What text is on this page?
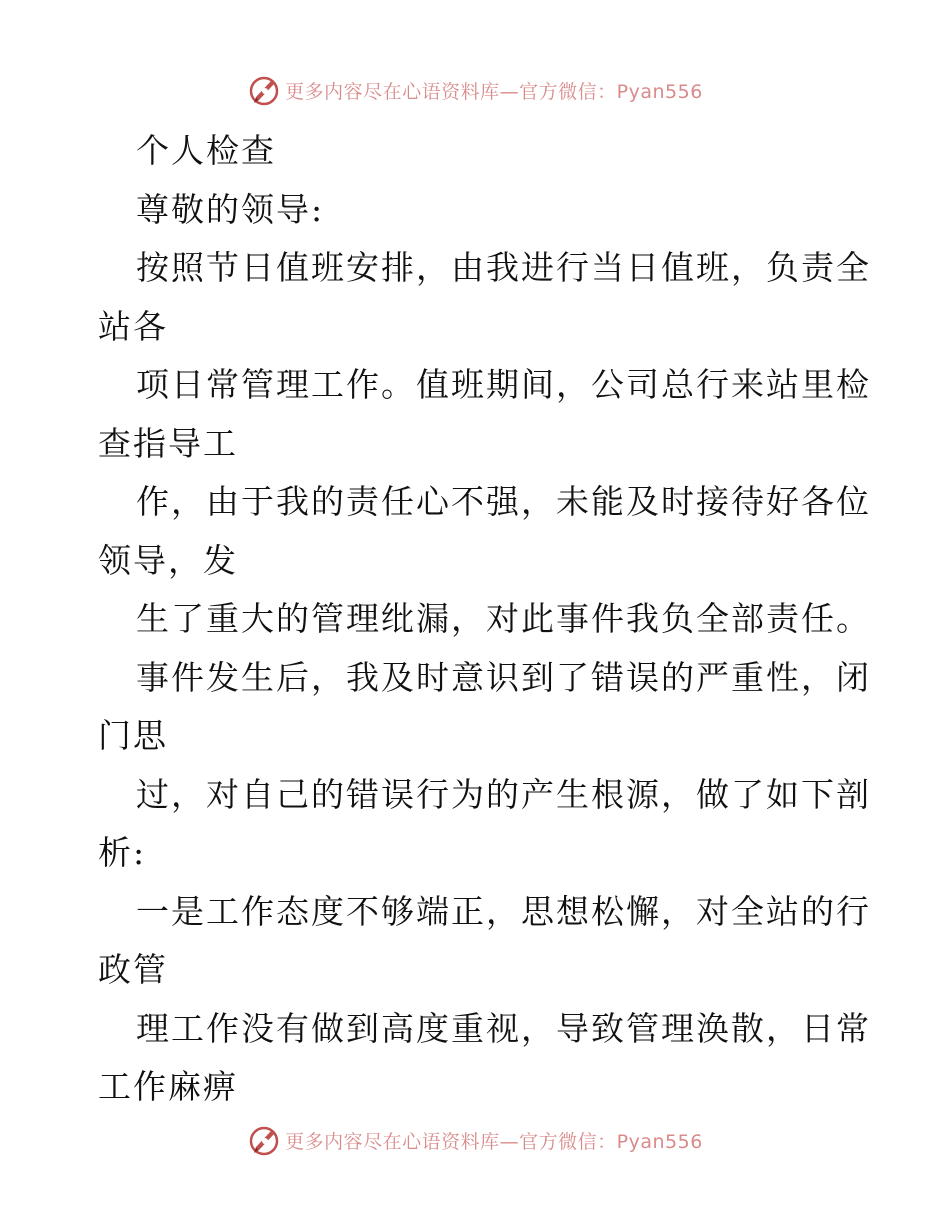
更多内容尽在心语资料库—官方微信：Pyan556
个人检查
尊敬的领导:
按照节日值班安排，由我进行当日值班，负责全
站各
项日常管理工作。值班期间，公司总行来站里检
查指导工
作，由于我的责任心不强，未能及时接待好各位
领导，发
生了重大的管理纰漏，对此事件我负全部责任。
事件发生后，我及时意识到了错误的严重性，闭
门思
过，对自己的错误行为的产生根源，做了如下剖
析:
一是工作态度不够端正，思想松懈，对全站的行
政管
理工作没有做到高度重视，导致管理涣散，日常
工作麻痹
更多内容尽在心语资料库—官方微信：Pyan556
